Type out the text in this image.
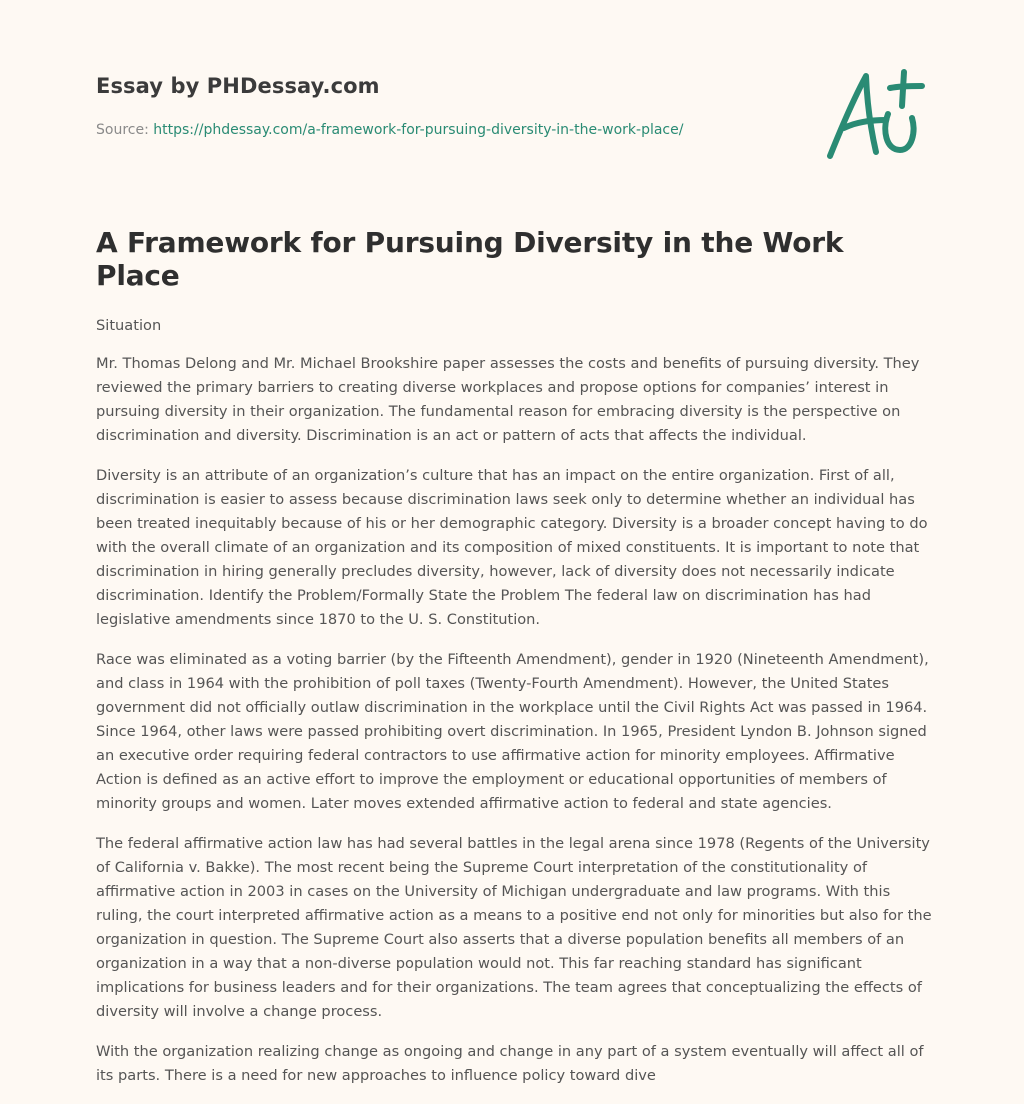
Essay by PHDessay.com
Source: https://phdessay.com/a-framework-for-pursuing-diversity-in-the-work-place/
A Framework for Pursuing Diversity in the Work Place

Situation

Mr. Thomas Delong and Mr. Michael Brookshire paper assesses the costs and benefits of pursuing diversity. They reviewed the primary barriers to creating diverse workplaces and propose options for companies’ interest in pursuing diversity in their organization. The fundamental reason for embracing diversity is the perspective on discrimination and diversity. Discrimination is an act or pattern of acts that affects the individual.

Diversity is an attribute of an organization’s culture that has an impact on the entire organization. First of all, discrimination is easier to assess because discrimination laws seek only to determine whether an individual has been treated inequitably because of his or her demographic category. Diversity is a broader concept having to do with the overall climate of an organization and its composition of mixed constituents. It is important to note that discrimination in hiring generally precludes diversity, however, lack of diversity does not necessarily indicate discrimination. Identify the Problem/Formally State the Problem The federal law on discrimination has had legislative amendments since 1870 to the U. S. Constitution.

Race was eliminated as a voting barrier (by the Fifteenth Amendment), gender in 1920 (Nineteenth Amendment), and class in 1964 with the prohibition of poll taxes (Twenty-Fourth Amendment). However, the United States government did not officially outlaw discrimination in the workplace until the Civil Rights Act was passed in 1964. Since 1964, other laws were passed prohibiting overt discrimination. In 1965, President Lyndon B. Johnson signed an executive order requiring federal contractors to use affirmative action for minority employees. Affirmative Action is defined as an active effort to improve the employment or educational opportunities of members of minority groups and women. Later moves extended affirmative action to federal and state agencies.

The federal affirmative action law has had several battles in the legal arena since 1978 (Regents of the University of California v. Bakke). The most recent being the Supreme Court interpretation of the constitutionality of affirmative action in 2003 in cases on the University of Michigan undergraduate and law programs. With this ruling, the court interpreted affirmative action as a means to a positive end not only for minorities but also for the organization in question. The Supreme Court also asserts that a diverse population benefits all members of an organization in a way that a non-diverse population would not. This far reaching standard has significant implications for business leaders and for their organizations. The team agrees that conceptualizing the effects of diversity will involve a change process.

With the organization realizing change as ongoing and change in any part of a system eventually will affect all of its parts. There is a need for new approaches to influence policy toward dive
